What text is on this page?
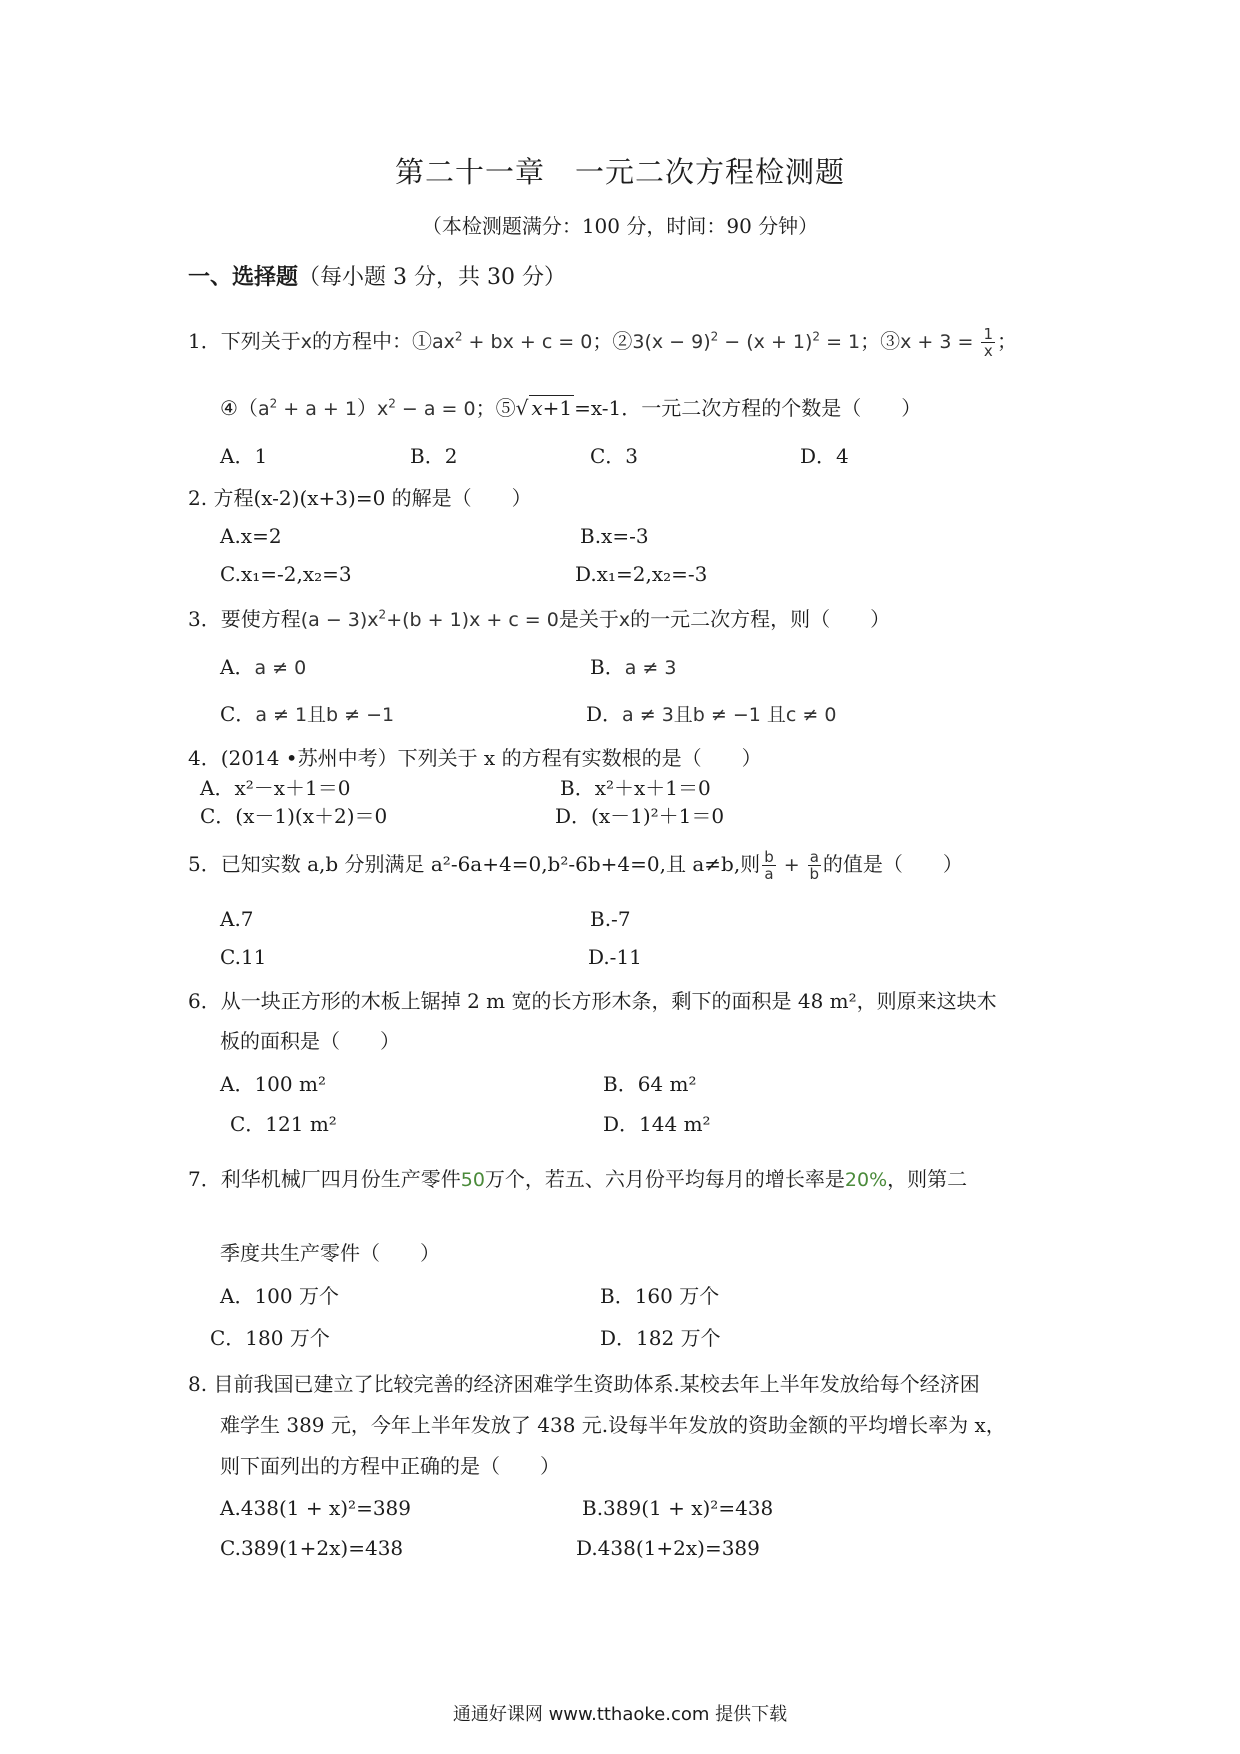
第二十一章　一元二次方程检测题
（本检测题满分：100 分，时间：90 分钟）
一、选择题（每小题 3 分，共 30 分）
1．下列关于x的方程中：$①ax^2$ + bx + c = 0；②3(x − $9)^2 - (x + 1)^2 = 1$；③x + $3 = \frac{1}{x}$ ；
$④(a^2 + a + 1)x^2 - a = 0$；⑤√ x+1 =x-1．一元二次方程的个数是（　　）
A．1	B．2	C．3	D．4
2. 方程(x-2)(x+3)=0 的解是（　　）
A.x=2	B.x=-3
C.x₁=-2,x₂=3	D.x₁=2,x₂=-3
3．要使方程$(a - 3)x^2+(b + 1)x + c = 0$是关于x的一元二次方程，则（　　）
A．a ≠ 0	B．a ≠ 3
C．a ≠ 1且b ≠ −1	D．a ≠ 3且b ≠ −1 且c ≠ 0
4．(2014 •苏州中考）下列关于 x 的方程有实数根的是（　　）
A．x²－x＋1＝0	B．x²＋x＋1＝0
C．(x－1)(x＋2)＝0	D．(x－1)²＋1＝0
5．已知实数 a,b 分别满足 a²-6a+4=0,b²-6b+4=0,且 a≠b,则 $\frac{b}{a} + \frac{a}{b}$ 的值是（　　）
A.7	B.-7
C.11	D.-11
6．从一块正方形的木板上锯掉 2 m 宽的长方形木条，剩下的面积是 48 m²，则原来这块木
板的面积是（　　）
A．100 m²	B．64 m²
C．121 m²	D．144 m²
7．利华机械厂四月份生产零件50万个，若五、六月份平均每月的增长率是20%，则第二
季度共生产零件（　　）
A．100 万个	B．160 万个
C．180 万个	D．182 万个
8. 目前我国已建立了比较完善的经济困难学生资助体系.某校去年上半年发放给每个经济困
难学生 389 元，今年上半年发放了 438 元.设每半年发放的资助金额的平均增长率为 x，
则下面列出的方程中正确的是（　　）
A.438(1 + x)²=389	B.389(1 + x)²=438
C.389(1+2x)=438	D.438(1+2x)=389
通通好课网 www.tthaoke.com 提供下载
